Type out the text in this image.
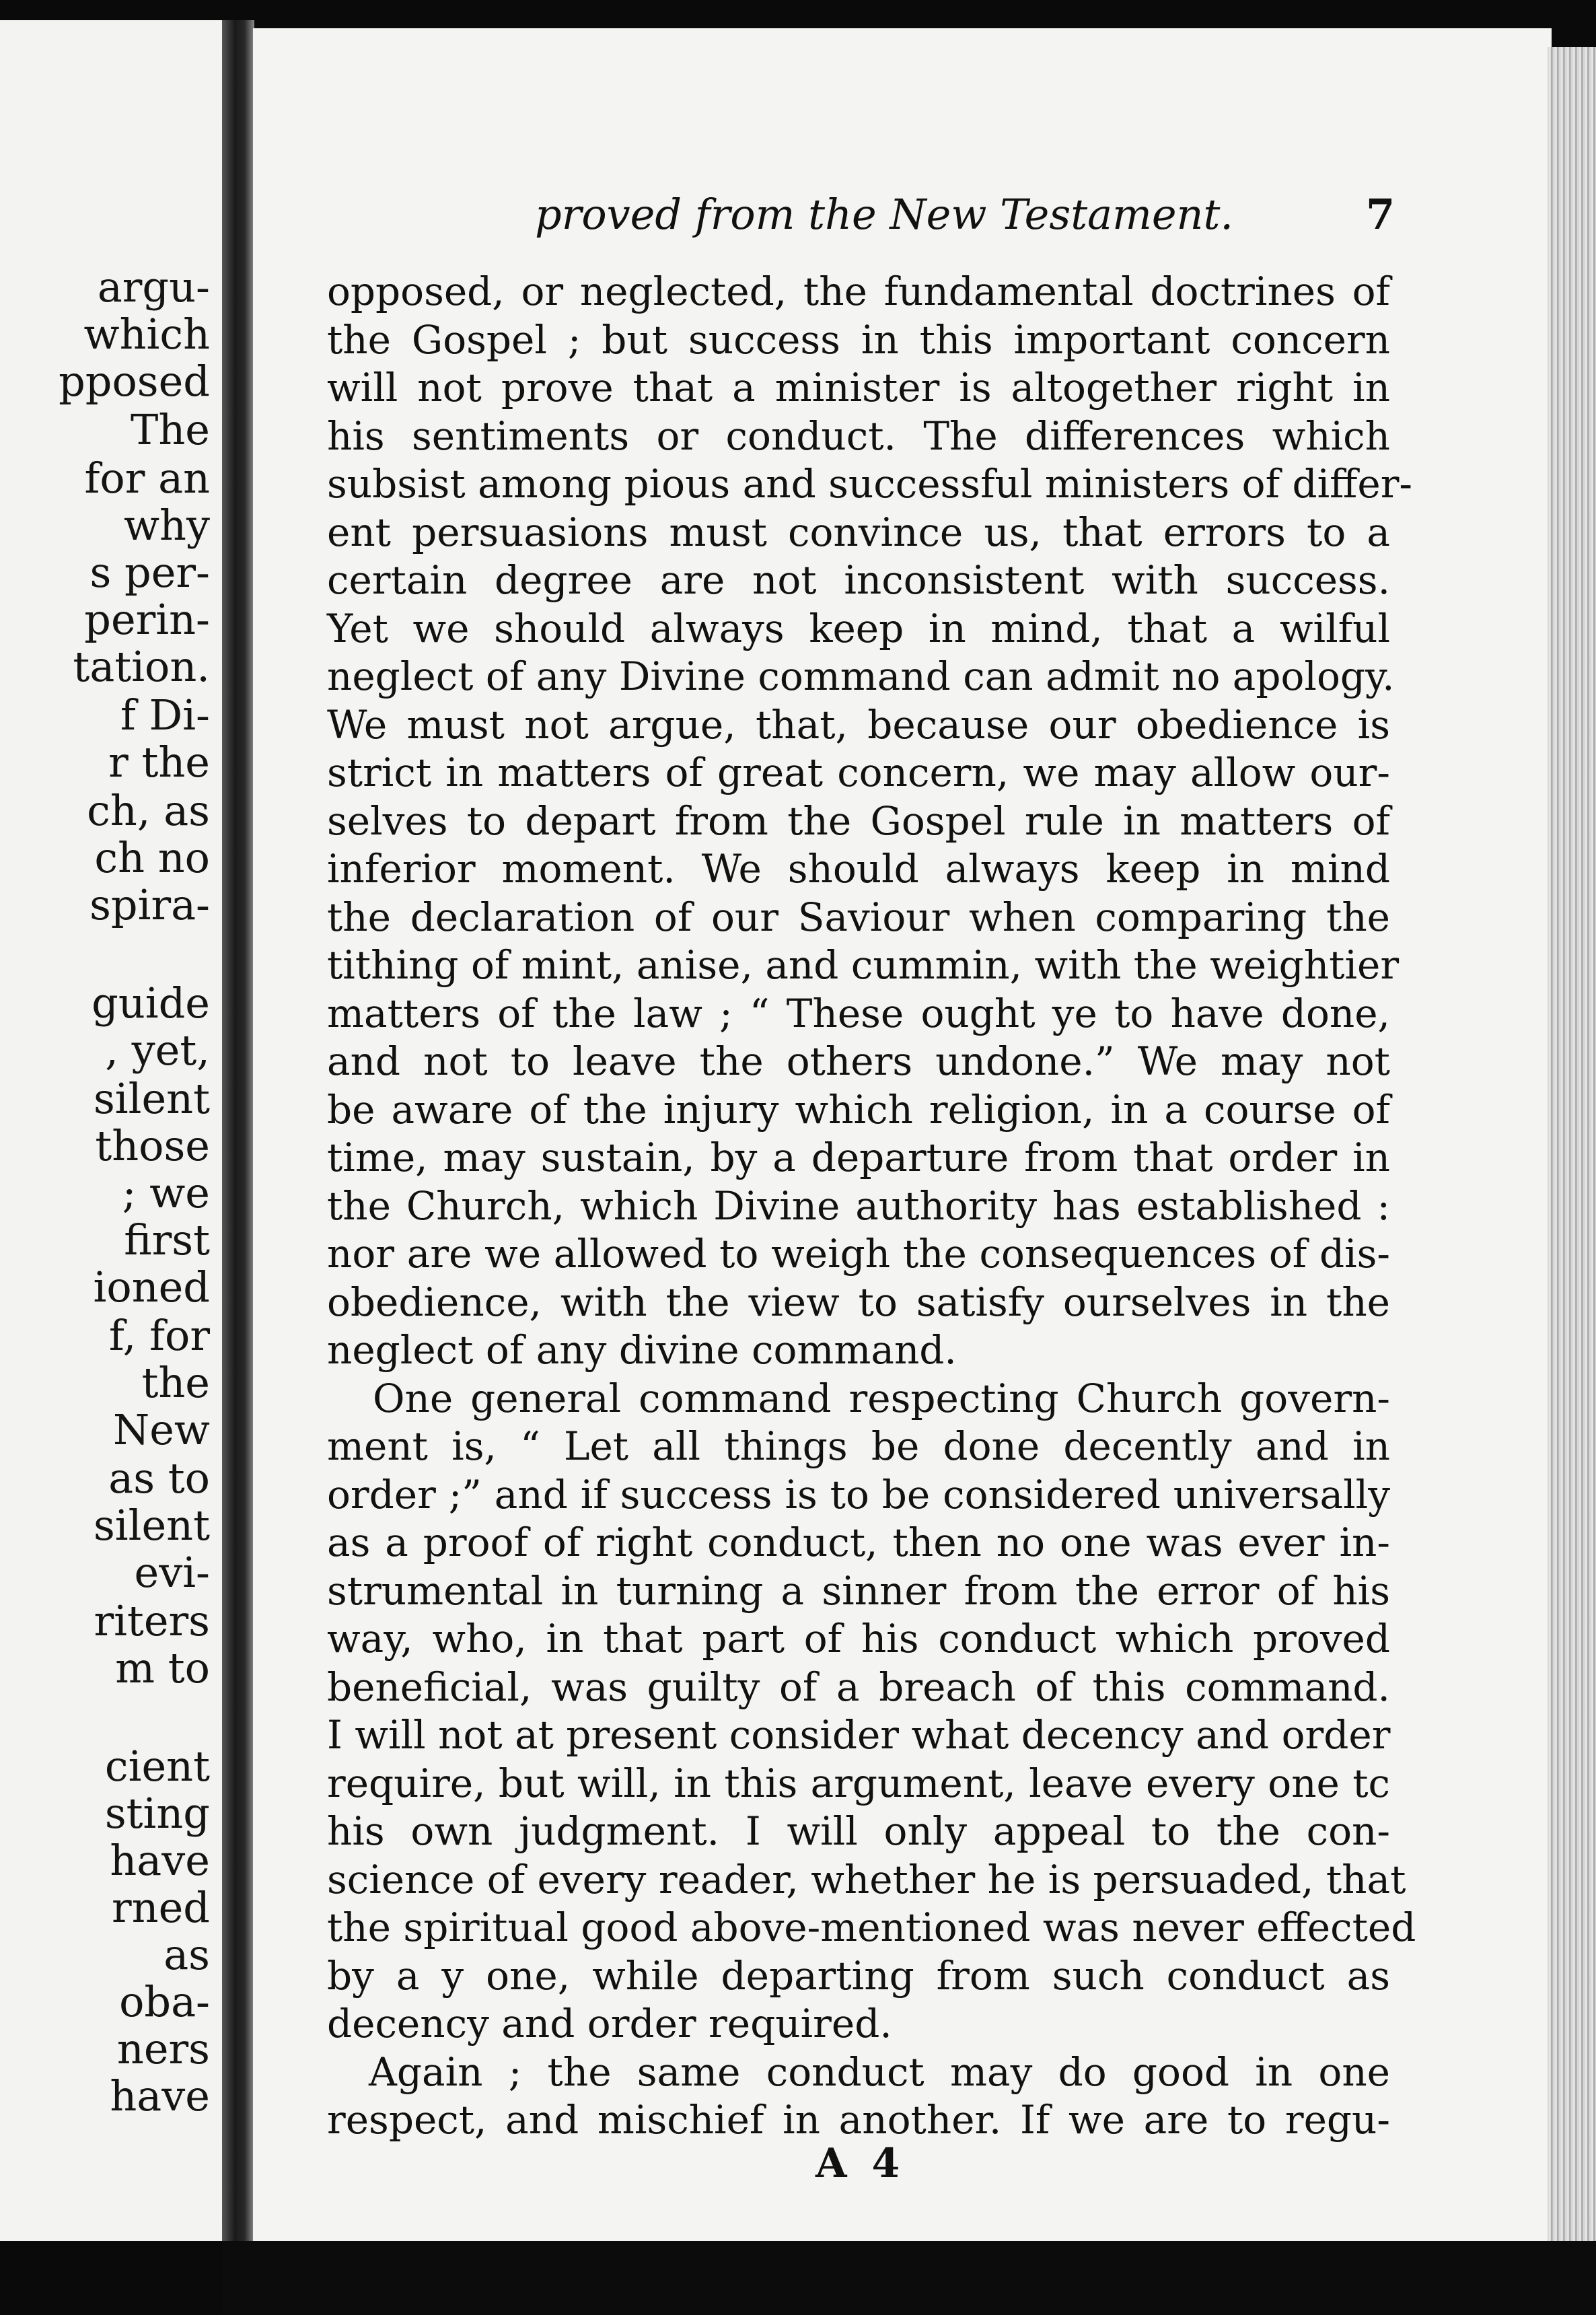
argu-
which
pposed
The
for an
why
s per-
perin-
tation.
f Di-
r the
ch, as
ch no
spira-
guide
, yet,
silent
those
; we
first
ioned
f, for
the
New
as to
silent
evi-
riters
m to
cient
sting
have
rned
as
oba-
ners
have
proved from the New Testament.	7
opposed, or neglected, the fundamental doctrines of
the Gospel ; but success in this important concern
will not prove that a minister is altogether right in
his sentiments or conduct. The differences which
subsist among pious and successful ministers of differ-
ent persuasions must convince us, that errors to a
certain degree are not inconsistent with success.
Yet we should always keep in mind, that a wilful
neglect of any Divine command can admit no apology.
We must not argue, that, because our obedience is
strict in matters of great concern, we may allow our-
selves to depart from the Gospel rule in matters of
inferior moment. We should always keep in mind
the declaration of our Saviour when comparing the
tithing of mint, anise, and cummin, with the weightier
matters of the law ; “ These ought ye to have done,
and not to leave the others undone.” We may not
be aware of the injury which religion, in a course of
time, may sustain, by a departure from that order in
the Church, which Divine authority has established :
nor are we allowed to weigh the consequences of dis-
obedience, with the view to satisfy ourselves in the
neglect of any divine command.
One general command respecting Church govern-
ment is, “ Let all things be done decently and in
order ;” and if success is to be considered universally
as a proof of right conduct, then no one was ever in-
strumental in turning a sinner from the error of his
way, who, in that part of his conduct which proved
beneficial, was guilty of a breach of this command.
I will not at present consider what decency and order
require, but will, in this argument, leave every one tc
his own judgment. I will only appeal to the con-
science of every reader, whether he is persuaded, that
the spiritual good above-mentioned was never effected
by a y one, while departing from such conduct as
decency and order required.
Again ; the same conduct may do good in one
respect, and mischief in another. If we are to regu-
A 4
